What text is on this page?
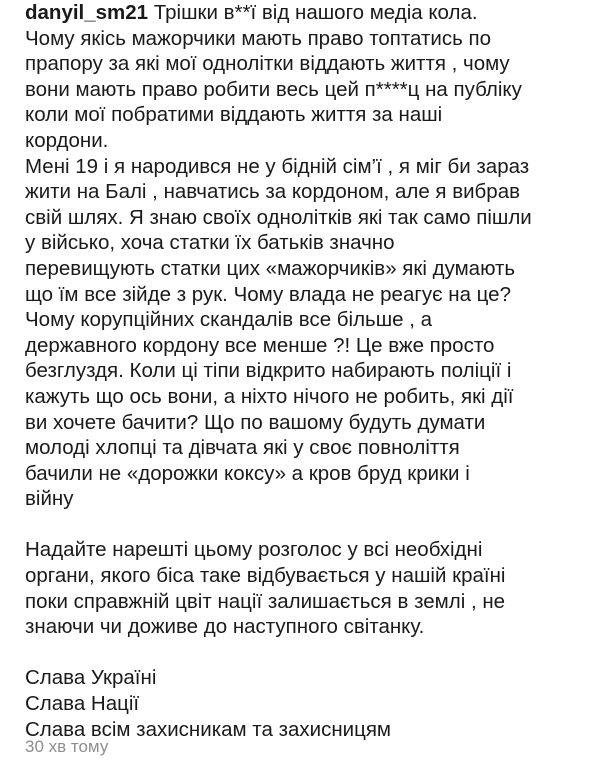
danyil_sm21 Трішки в**ї від нашого медіа кола.
Чому якісь мажорчики мають право топтатись по
прапору за які мої однолітки віддають життя , чому
вони мають право робити весь цей п****ц на публіку
коли мої побратими віддають життя за наші
кордони.
Мені 19 і я народився не у бідній сім’ї , я міг би зараз
жити на Балі , навчатись за кордоном, але я вибрав
свій шлях. Я знаю своїх однолітків які так само пішли
у військо, хоча статки їх батьків значно
перевищують статки цих «мажорчиків» які думають
що їм все зійде з рук. Чому влада не реагує на це?
Чому корупційних скандалів все більше , а
державного кордону все менше ?! Це вже просто
безглуздя. Коли ці тіпи відкрито набирають поліції і
кажуть що ось вони, а ніхто нічого не робить, які дії
ви хочете бачити? Що по вашому будуть думати
молоді хлопці та дівчата які у своє повноліття
бачили не «дорожки коксу» а кров бруд крики і
війну
Надайте нарешті цьому розголос у всі необхідні
органи, якого біса таке відбувається у нашій країні
поки справжній цвіт нації залишається в землі , не
знаючи чи доживе до наступного світанку.
Слава Україні
Слава Нації
Слава всім захисникам та захисницям
30 хв тому
